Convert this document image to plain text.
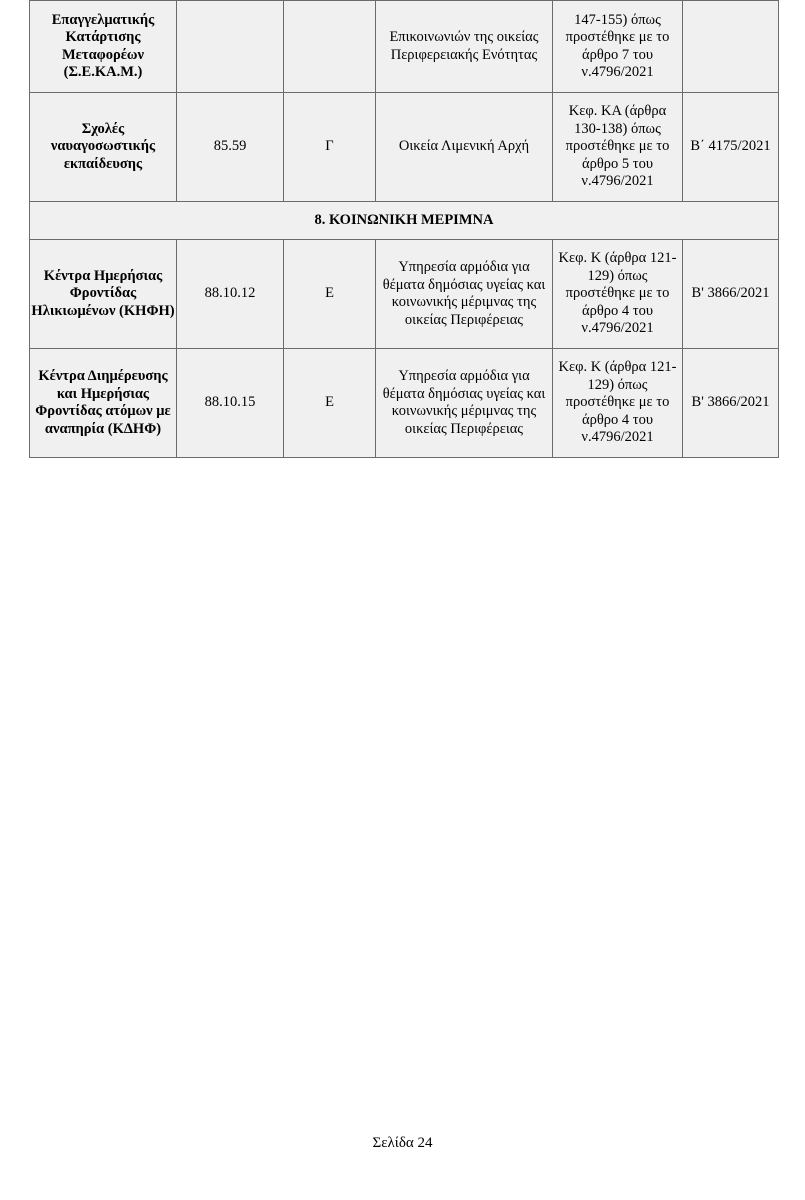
Επαγγελματικής Κατάρτισης Μεταφορέων (Σ.Ε.ΚΑ.Μ.)			Επικοινωνιών της οικείας Περιφερειακής Ενότητας	147-155) όπως προστέθηκε με το άρθρο 7 του ν.4796/2021	
Σχολές ναυαγοσωστικής εκπαίδευσης	85.59	Γ	Οικεία Λιμενική Αρχή	Κεφ. ΚΑ (άρθρα 130-138) όπως προστέθηκε με το άρθρο 5 του ν.4796/2021	Β΄ 4175/2021
8. ΚΟΙΝΩΝΙΚΗ ΜΕΡΙΜΝΑ					
Κέντρα Ημερήσιας Φροντίδας Ηλικιωμένων (ΚΗΦΗ)	88.10.12	Ε	Υπηρεσία αρμόδια για θέματα δημόσιας υγείας και κοινωνικής μέριμνας της οικείας Περιφέρειας	Κεφ. Κ (άρθρα 121-129) όπως προστέθηκε με το άρθρο 4 του ν.4796/2021	Β' 3866/2021
Κέντρα Διημέρευσης και Ημερήσιας Φροντίδας ατόμων με αναπηρία (ΚΔΗΦ)	88.10.15	Ε	Υπηρεσία αρμόδια για θέματα δημόσιας υγείας και κοινωνικής μέριμνας της οικείας Περιφέρειας	Κεφ. Κ (άρθρα 121-129) όπως προστέθηκε με το άρθρο 4 του ν.4796/2021	Β' 3866/2021
Σελίδα 24
